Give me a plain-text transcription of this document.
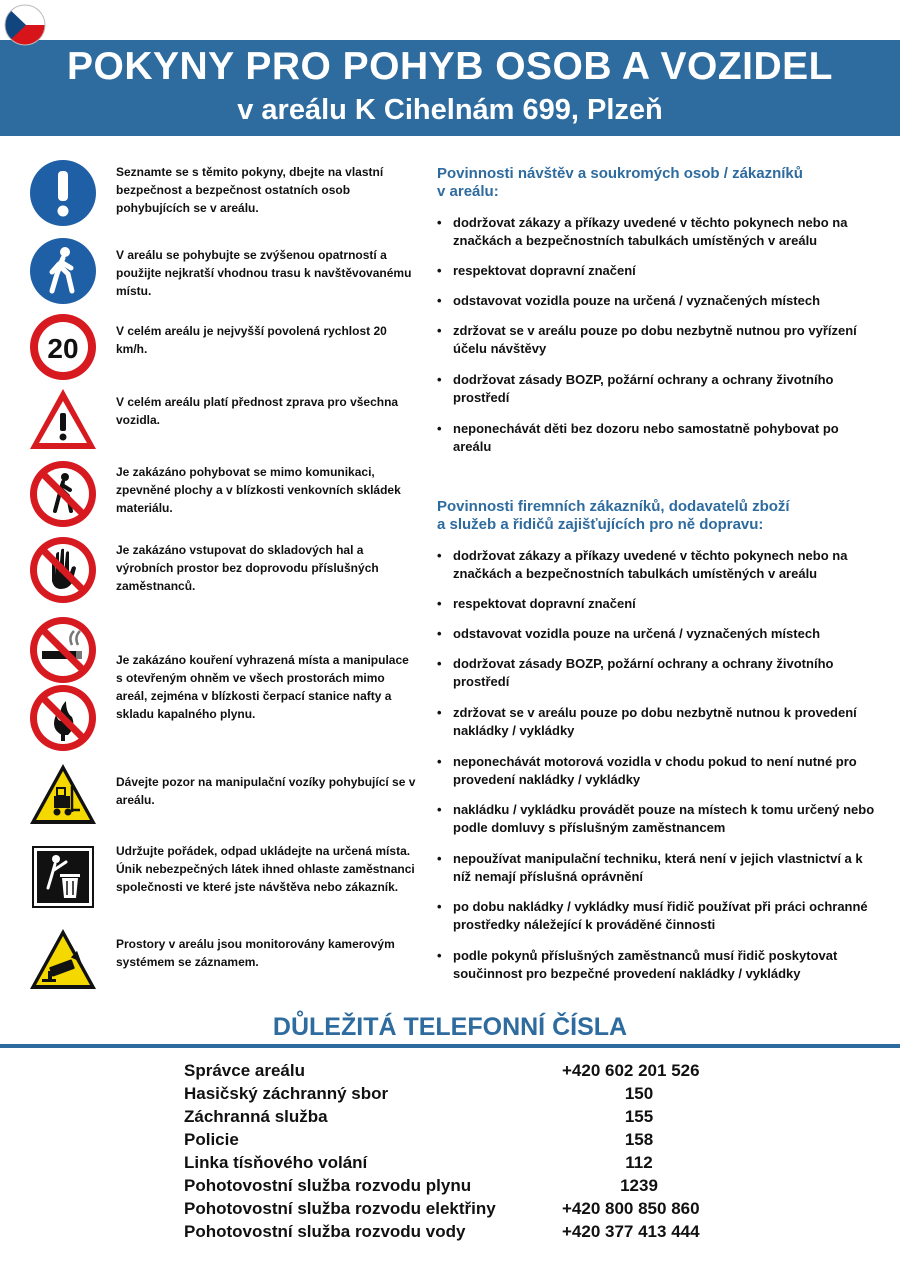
POKYNY PRO POHYB OSOB A VOZIDEL
v areálu K Cihelnám 699, Plzeň
Seznamte se s těmito pokyny, dbejte na vlastní bezpečnost a bezpečnost ostatních osob pohybujících se v areálu.
V areálu se pohybujte se zvýšenou opatrností a použijte nejkratší vhodnou trasu k navštěvovanému místu.
20
V celém areálu je nejvyšší povolená rychlost 20 km/h.
V celém areálu platí přednost zprava pro všechna vozidla.
Je zakázáno pohybovat se mimo komunikaci, zpevněné plochy a v blízkosti venkovních skládek materiálu.
Je zakázáno vstupovat do skladových hal a výrobních prostor bez doprovodu příslušných zaměstnanců.
Je zakázáno kouření vyhrazená místa a manipulace s otevřeným ohněm ve všech prostorách mimo areál, zejména v blízkosti čerpací stanice nafty a skladu kapalného plynu.
Dávejte pozor na manipulační vozíky pohybující se v areálu.
Udržujte pořádek, odpad ukládejte na určená místa. Únik nebezpečných látek ihned ohlaste zaměstnanci společnosti ve které jste návštěva nebo zákazník.
Prostory v areálu jsou monitorovány kamerovým systémem se záznamem.
Povinnosti návštěv a soukromých osob / zákazníků
v areálu:
• dodržovat zákazy a příkazy uvedené v těchto pokynech nebo na značkách a bezpečnostních tabulkách umístěných v areálu
• respektovat dopravní značení
• odstavovat vozidla pouze na určená / vyznačených místech
• zdržovat se v areálu pouze po dobu nezbytně nutnou pro vyřízení účelu návštěvy
• dodržovat zásady BOZP, požární ochrany a ochrany životního prostředí
• neponechávát děti bez dozoru nebo samostatně pohybovat po areálu
Povinnosti firemních zákazníků, dodavatelů zboží
a služeb a řidičů zajišťujících pro ně dopravu:
• dodržovat zákazy a příkazy uvedené v těchto pokynech nebo na značkách a bezpečnostních tabulkách umístěných v areálu
• respektovat dopravní značení
• odstavovat vozidla pouze na určená / vyznačených místech
• dodržovat zásady BOZP, požární ochrany a ochrany životního prostředí
• zdržovat se v areálu pouze po dobu nezbytně nutnou k provedení nakládky / vykládky
• neponechávát motorová vozidla v chodu pokud to není nutné pro provedení nakládky / vykládky
• nakládku / vykládku provádět pouze na místech k tomu určený nebo podle domluvy s příslušným zaměstnancem
• nepoužívat manipulační techniku, která není v jejich vlastnictví a k níž nemají příslušná oprávnění
• po dobu nakládky / vykládky musí řidič používat při práci ochranné prostředky náležející k prováděné činnosti
• podle pokynů příslušných zaměstnanců musí řidič poskytovat součinnost pro bezpečné provedení nakládky / vykládky
DŮLEŽITÁ TELEFONNÍ ČÍSLA
Správce areálu	+420 602 201 526
Hasičský záchranný sbor	150
Záchranná služba	155
Policie	158
Linka tísňového volání	112
Pohotovostní služba rozvodu plynu	1239
Pohotovostní služba rozvodu elektřiny	+420 800 850 860
Pohotovostní služba rozvodu vody	+420 377 413 444
